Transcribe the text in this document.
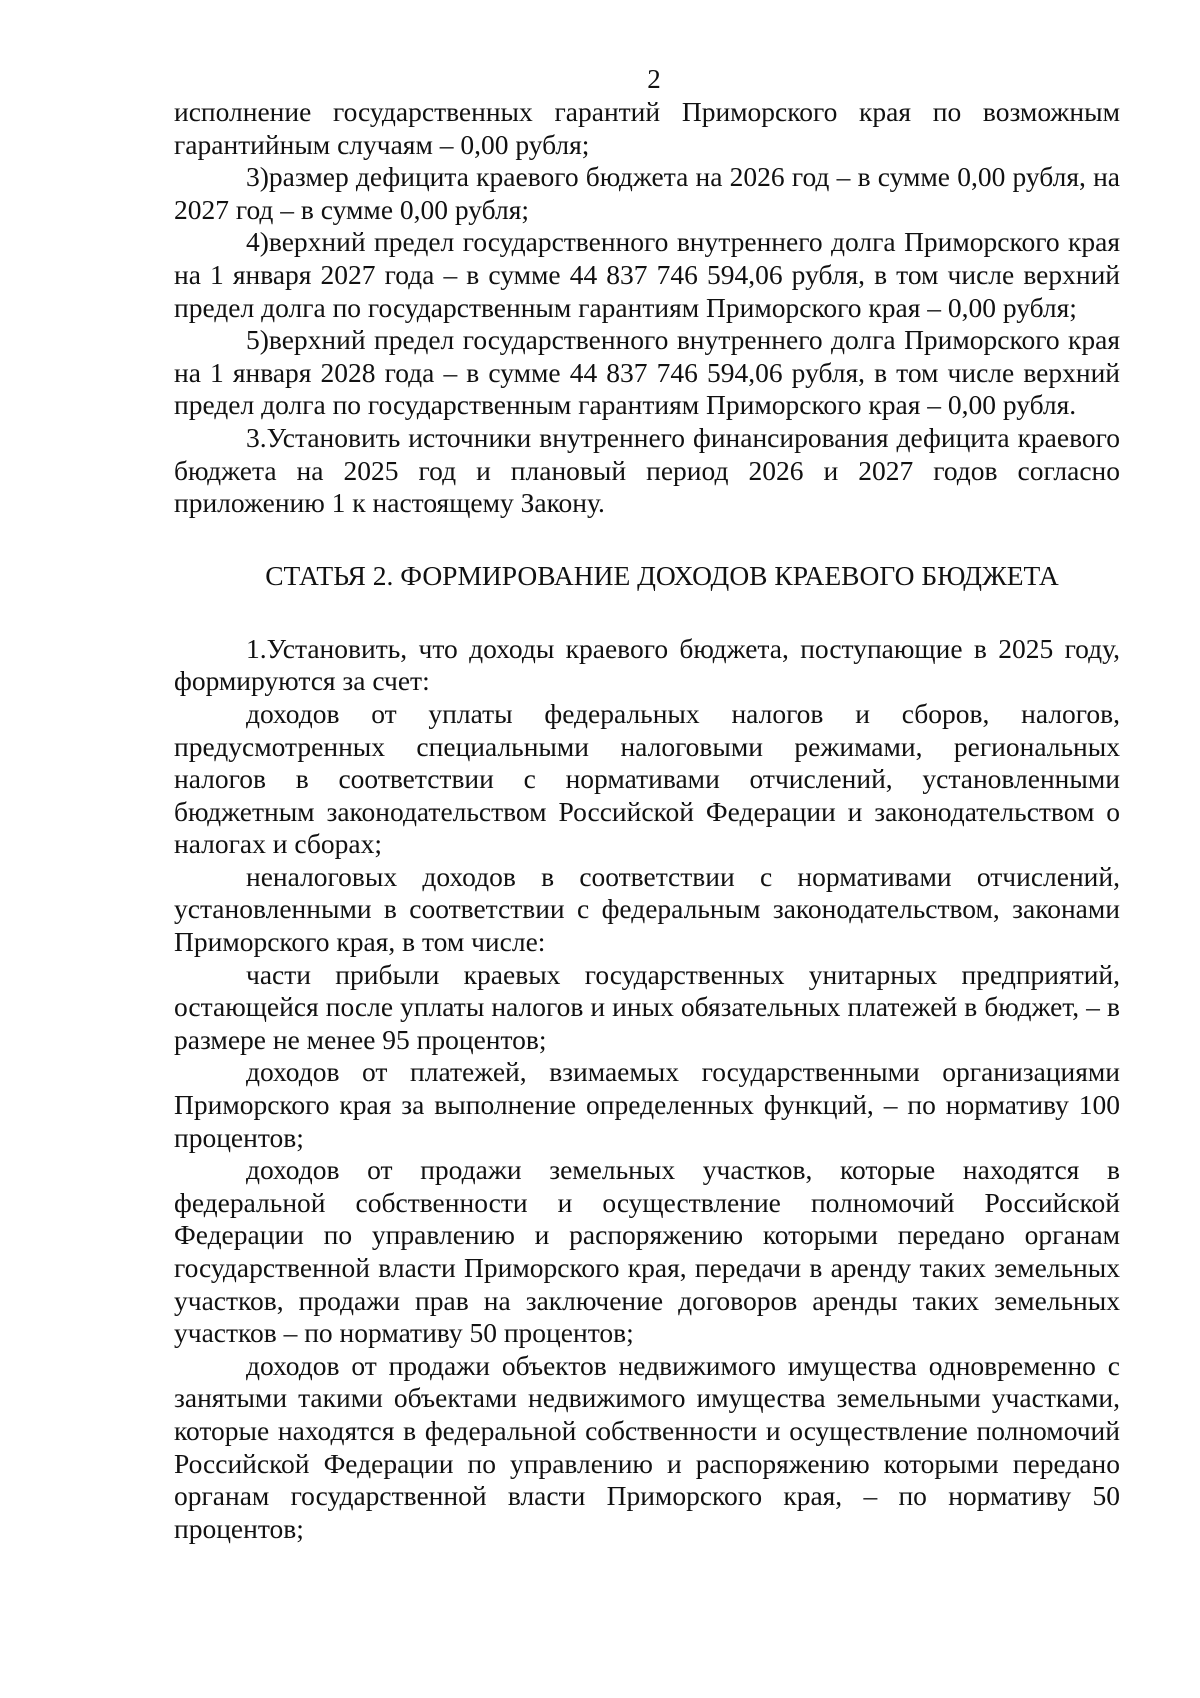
2

исполнение государственных гарантий Приморского края по возможным гарантийным случаям – 0,00 рубля;

3)размер дефицита краевого бюджета на 2026 год – в сумме 0,00 рубля, на 2027 год – в сумме 0,00 рубля;

4)верхний предел государственного внутреннего долга Приморского края на 1 января 2027 года – в сумме 44 837 746 594,06 рубля, в том числе верхний предел долга по государственным гарантиям Приморского края – 0,00 рубля;

5)верхний предел государственного внутреннего долга Приморского края на 1 января 2028 года – в сумме 44 837 746 594,06 рубля, в том числе верхний предел долга по государственным гарантиям Приморского края – 0,00 рубля.

3.Установить источники внутреннего финансирования дефицита краевого бюджета на 2025 год и плановый период 2026 и 2027 годов согласно приложению 1 к настоящему Закону.

СТАТЬЯ 2. ФОРМИРОВАНИЕ ДОХОДОВ КРАЕВОГО БЮДЖЕТА

1.Установить, что доходы краевого бюджета, поступающие в 2025 году, формируются за счет:

доходов от уплаты федеральных налогов и сборов, налогов, предусмотренных специальными налоговыми режимами, региональных налогов в соответствии с нормативами отчислений, установленными бюджетным законодательством Российской Федерации и законодательством о налогах и сборах;

неналоговых доходов в соответствии с нормативами отчислений, установленными в соответствии с федеральным законодательством, законами Приморского края, в том числе:

части прибыли краевых государственных унитарных предприятий, остающейся после уплаты налогов и иных обязательных платежей в бюджет, – в размере не менее 95 процентов;

доходов от платежей, взимаемых государственными организациями Приморского края за выполнение определенных функций, – по нормативу 100 процентов;

доходов от продажи земельных участков, которые находятся в федеральной собственности и осуществление полномочий Российской Федерации по управлению и распоряжению которыми передано органам государственной власти Приморского края, передачи в аренду таких земельных участков, продажи прав на заключение договоров аренды таких земельных участков – по нормативу 50 процентов;

доходов от продажи объектов недвижимого имущества одновременно с занятыми такими объектами недвижимого имущества земельными участками, которые находятся в федеральной собственности и осуществление полномочий Российской Федерации по управлению и распоряжению которыми передано органам государственной власти Приморского края, – по нормативу 50 процентов;
